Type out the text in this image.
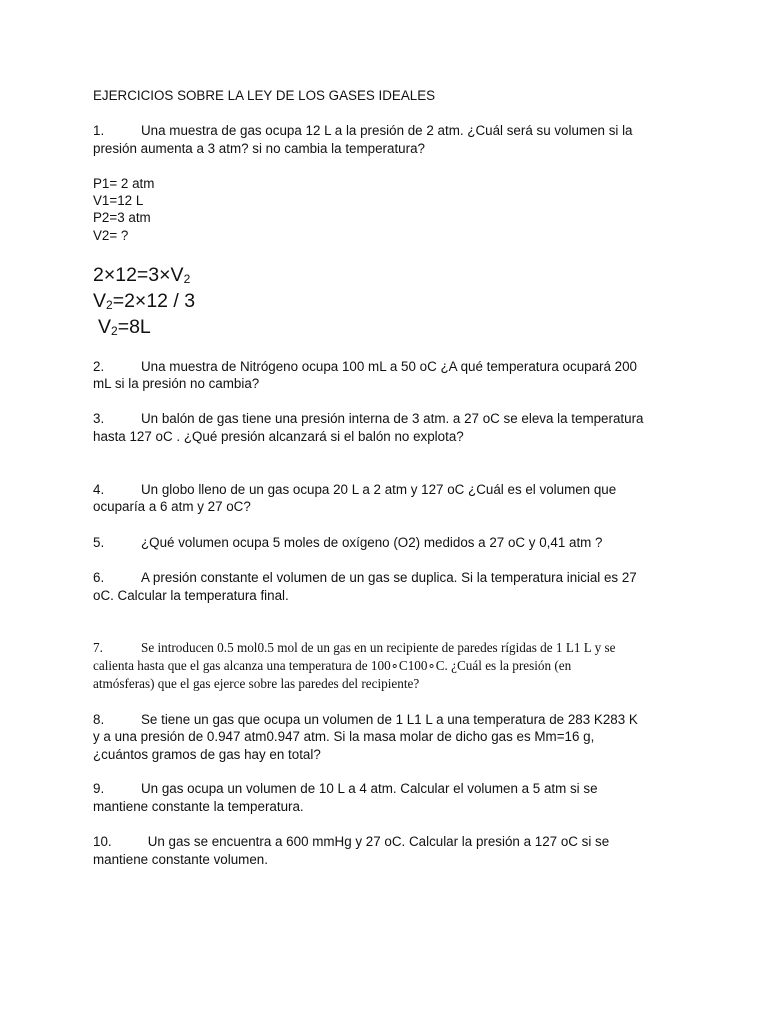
EJERCICIOS SOBRE LA LEY DE LOS GASES IDEALES
1.	Una muestra de gas ocupa 12 L a la presión de 2 atm. ¿Cuál será su volumen si la
presión aumenta a 3 atm? si no cambia la temperatura?
P1= 2 atm
V1=12 L
P2=3 atm
V2= ?
$2\times 12=3\times V_2$
$V_2=2\times 12 / 3$
$V_2=8L$
2.	Una muestra de Nitrógeno ocupa 100 mL a 50 oC ¿A qué temperatura ocupará 200
mL si la presión no cambia?
3.	Un balón de gas tiene una presión interna de 3 atm. a 27 oC se eleva la temperatura
hasta 127 oC . ¿Qué presión alcanzará si el balón no explota?
4.	Un globo lleno de un gas ocupa 20 L a 2 atm y 127 oC ¿Cuál es el volumen que
ocuparía a 6 atm y 27 oC?
5.	¿Qué volumen ocupa 5 moles de oxígeno (O2) medidos a 27 oC y 0,41 atm ?
6.	A presión constante el volumen de un gas se duplica. Si la temperatura inicial es 27
oC. Calcular la temperatura final.
7.	Se introducen 0.5 mol0.5 mol de un gas en un recipiente de paredes rígidas de 1 L1 L y se
calienta hasta que el gas alcanza una temperatura de 100∘C100∘C. ¿Cuál es la presión (en
atmósferas) que el gas ejerce sobre las paredes del recipiente?
8.	Se tiene un gas que ocupa un volumen de 1 L1 L a una temperatura de 283 K283 K
y a una presión de 0.947 atm0.947 atm. Si la masa molar de dicho gas es Mm=16 g,
¿cuántos gramos de gas hay en total?
9.	Un gas ocupa un volumen de 10 L a 4 atm. Calcular el volumen a 5 atm si se
mantiene constante la temperatura.
10. Un gas se encuentra a 600 mmHg y 27 oC. Calcular la presión a 127 oC si se
mantiene constante volumen.
